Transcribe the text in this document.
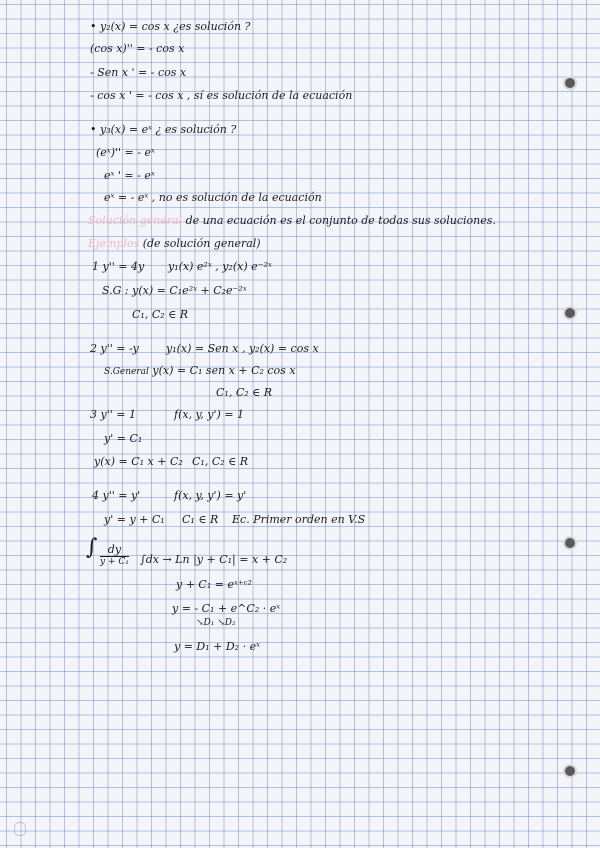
• y₂(x) = cos x ¿es solución ?
(cos x)'' = - cos x
- Sen x ' = - cos x
- cos x ' = - cos x , sí es solución de la ecuación
• y₃(x) = eˣ ¿ es solución ?
(eˣ)'' = - eˣ
eˣ ' = - eˣ
eˣ = - eˣ , no es solución de la ecuación
Solución general de una ecuación es el conjunto de todas sus soluciones.
Ejemplos (de solución general)
1 y'' = 4y y₁(x) e²ˣ , y₂(x) e⁻²ˣ
S.G : y(x) = C₁e²ˣ + C₂e⁻²ˣ
C₁, C₂ ∈ R
2 y'' = -y y₁(x) = Sen x , y₂(x) = cos x
S.General y(x) = C₁ sen x + C₂ cos x
C₁, C₂ ∈ R
3 y'' = 1	f(x, y, y') = 1
y' = C₁
y(x) = C₁ x + C₂ C₁, C₂ ∈ R
4 y'' = y'	f(x, y, y') = y'
y' = y + C₁ C₁ ∈ R Ec. Primer orden en V.S
∫ dy
y + C₁ ∫dx → Ln |y + C₁| = x + C₂
y + C₁ = eˣ⁺ᶜ²
y = - C₁ + e^C₂ · eˣ
↘D₁ ↘D₂
y = D₁ + D₂ · eˣ
